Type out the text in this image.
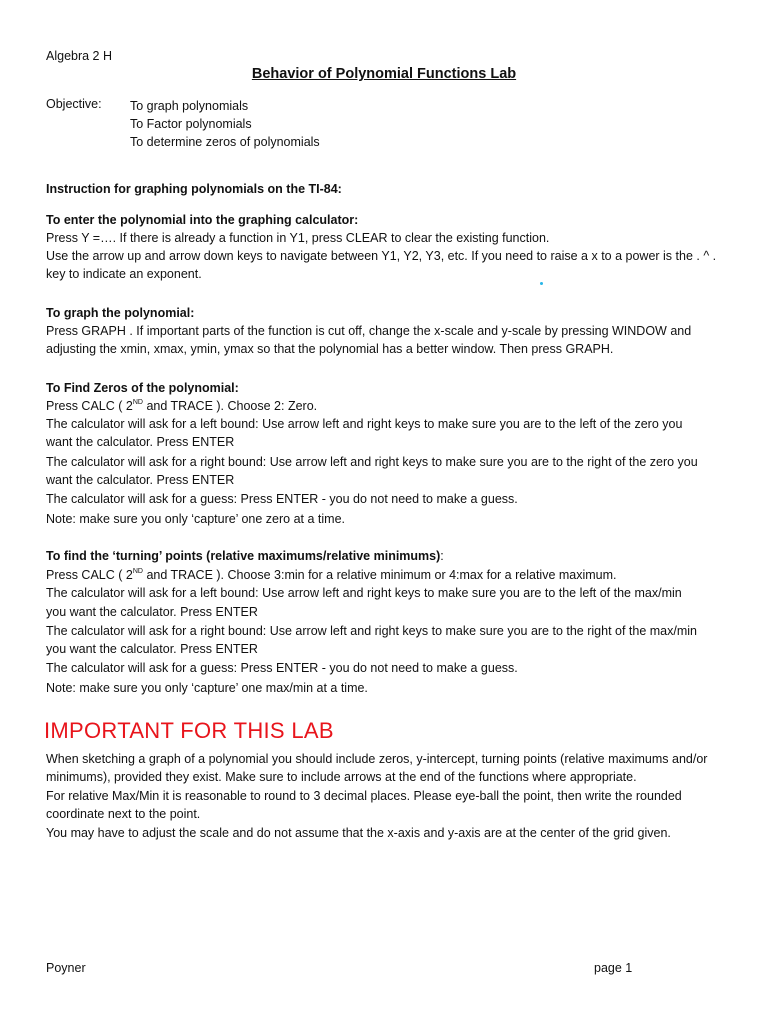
Algebra 2 H
Behavior of Polynomial Functions Lab
Objective: To graph polynomials
To Factor polynomials
To determine zeros of polynomials
Instruction for graphing polynomials on the TI-84:
To enter the polynomial into the graphing calculator:
Press Y =…. If there is already a function in Y1, press CLEAR to clear the existing function.
Use the arrow up and arrow down keys to navigate between Y1, Y2, Y3, etc. If you need to raise a x to a power is the . ^ .
key to indicate an exponent.
To graph the polynomial:
Press GRAPH . If important parts of the function is cut off, change the x-scale and y-scale by pressing WINDOW and
adjusting the xmin, xmax, ymin, ymax so that the polynomial has a better window. Then press GRAPH.
To Find Zeros of the polynomial:
Press CALC ( 2ND and TRACE ). Choose 2: Zero.
The calculator will ask for a left bound: Use arrow left and right keys to make sure you are to the left of the zero you
want the calculator. Press ENTER
The calculator will ask for a right bound: Use arrow left and right keys to make sure you are to the right of the zero you
want the calculator. Press ENTER
The calculator will ask for a guess: Press ENTER - you do not need to make a guess.
Note: make sure you only ‘capture’ one zero at a time.
To find the ‘turning’ points (relative maximums/relative minimums):
Press CALC ( 2ND and TRACE ). Choose 3:min for a relative minimum or 4:max for a relative maximum.
The calculator will ask for a left bound: Use arrow left and right keys to make sure you are to the left of the max/min
you want the calculator. Press ENTER
The calculator will ask for a right bound: Use arrow left and right keys to make sure you are to the right of the max/min
you want the calculator. Press ENTER
The calculator will ask for a guess: Press ENTER - you do not need to make a guess.
Note: make sure you only ‘capture’ one max/min at a time.
IMPORTANT FOR THIS LAB
When sketching a graph of a polynomial you should include zeros, y-intercept, turning points (relative maximums and/or
minimums), provided they exist. Make sure to include arrows at the end of the functions where appropriate.
For relative Max/Min it is reasonable to round to 3 decimal places. Please eye-ball the point, then write the rounded
coordinate next to the point.
You may have to adjust the scale and do not assume that the x-axis and y-axis are at the center of the grid given.
Poyner	page 1
